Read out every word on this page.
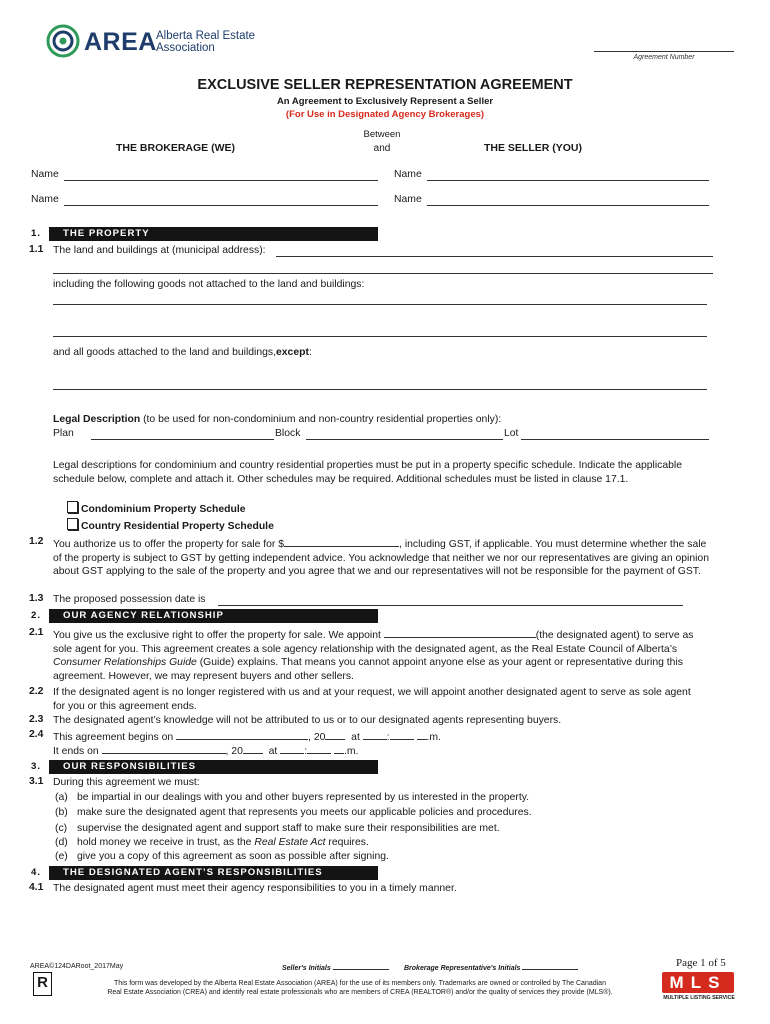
AREA Alberta Real Estate
Association
Agreement Number
EXCLUSIVE SELLER REPRESENTATION AGREEMENT
An Agreement to Exclusively Represent a Seller
(For Use in Designated Agency Brokerages)
Between
THE BROKERAGE (WE)	and	THE SELLER (YOU)
Name	Name
Name	Name
1. THE PROPERTY
1.1 The land and buildings at (municipal address):
including the following goods not attached to the land and buildings:
and all goods attached to the land and buildings,except:
Legal Description (to be used for non-condominium and non-country residential properties only):
Plan	Block	Lot
Legal descriptions for condominium and country residential properties must be put in a property specific schedule. Indicate the applicable schedule below, complete and attach it. Other schedules may be required. Additional schedules must be listed in clause 17.1.
Condominium Property Schedule
Country Residential Property Schedule
1.2 You authorize us to offer the property for sale for $	, including GST, if applicable. You must determine whether the sale of the property is subject to GST by getting independent advice. You acknowledge that neither we nor our representatives are giving an opinion about GST applying to the sale of the property and you agree that we and our representatives will not be responsible for the payment of GST.
1.3 The proposed possession date is
2. OUR AGENCY RELATIONSHIP
2.1 You give us the exclusive right to offer the property for sale. We appoint	(the designated agent) to serve as sole agent for you. This agreement creates a sole agency relationship with the designated agent, as the Real Estate Council of Alberta’s Consumer Relationships Guide (Guide) explains. That means you cannot appoint anyone else as your agent or representative during this agreement. However, we may represent buyers and other sellers.
2.2 If the designated agent is no longer registered with us and at your request, we will appoint another designated agent to serve as sole agent for you or this agreement ends.
2.3 The designated agent’s knowledge will not be attributed to us or to our designated agents representing buyers.
2.4 This agreement begins on	, 20 at	:	.m.
It ends on	, 20 at	:	.m.
3. OUR RESPONSIBILITIES
3.1 During this agreement we must:
(a) be impartial in our dealings with you and other buyers represented by us interested in the property.
(b) make sure the designated agent that represents you meets our applicable policies and procedures.
(c) supervise the designated agent and support staff to make sure their responsibilities are met.
(d) hold money we receive in trust, as the Real Estate Act requires.
(e) give you a copy of this agreement as soon as possible after signing.
4. THE DESIGNATED AGENT’S RESPONSIBILITIES
4.1 The designated agent must meet their agency responsibilities to you in a timely manner.
AREA©124DARoot_2017May	Seller's Initials	Brokerage Representative's Initials	Page 1 of 5
R	This form was developed by the Alberta Real Estate Association (AREA) for the use of its members only. Trademarks are owned or controlled by The Canadian
Real Estate Association (CREA) and identify real estate professionals who are members of CREA (REALTOR®) and/or the quality of services they provide (MLS®).
MLS
MULTIPLE LISTING SERVICE
